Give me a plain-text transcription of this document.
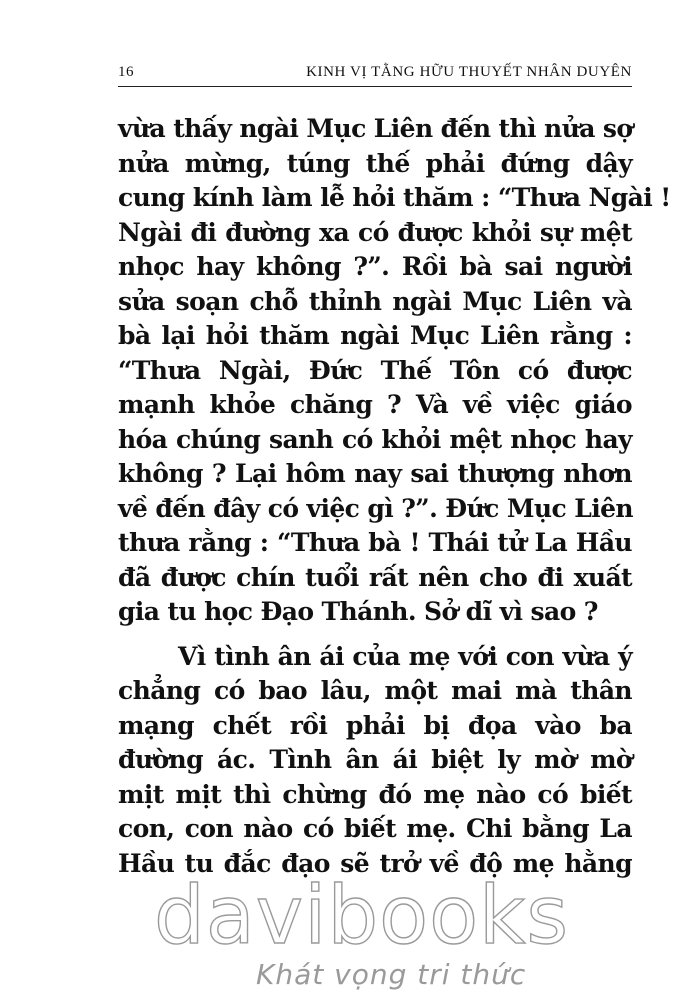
16	KINH VỊ TẰNG HỮU THUYẾT NHÂN DUYÊN
vừa thấy ngài Mục Liên đến thì nửa sợ
nửa mừng, túng thế phải đứng dậy
cung kính làm lễ hỏi thăm : “Thưa Ngài !
Ngài đi đường xa có được khỏi sự mệt
nhọc hay không ?”. Rồi bà sai người
sửa soạn chỗ thỉnh ngài Mục Liên và
bà lại hỏi thăm ngài Mục Liên rằng :
“Thưa Ngài, Đức Thế Tôn có được
mạnh khỏe chăng ? Và về việc giáo
hóa chúng sanh có khỏi mệt nhọc hay
không ? Lại hôm nay sai thượng nhơn
về đến đây có việc gì ?”. Đức Mục Liên
thưa rằng : “Thưa bà ! Thái tử La Hầu
đã được chín tuổi rất nên cho đi xuất
gia tu học Đạo Thánh. Sở dĩ vì sao ?
Vì tình ân ái của mẹ với con vừa ý
chẳng có bao lâu, một mai mà thân
mạng chết rồi phải bị đọa vào ba
đường ác. Tình ân ái biệt ly mờ mờ
mịt mịt thì chừng đó mẹ nào có biết
con, con nào có biết mẹ. Chi bằng La
Hầu tu đắc đạo sẽ trở về độ mẹ hằng
davibooks
Khát vọng tri thức
